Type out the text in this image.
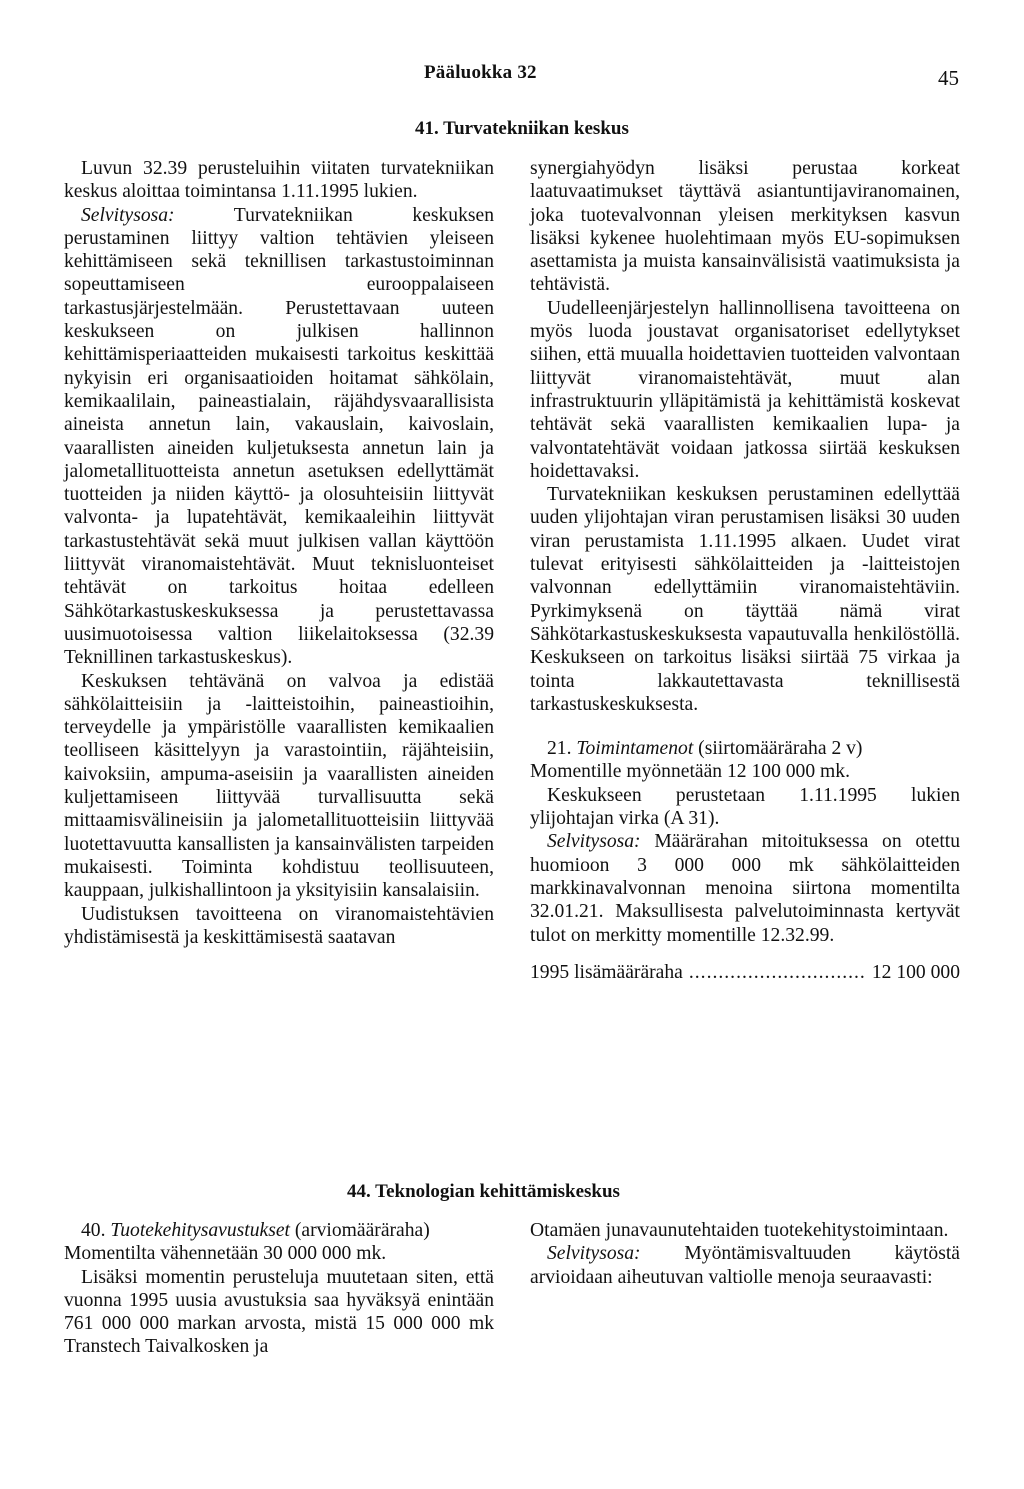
Pääluokka 32	45
41. Turvatekniikan keskus

Luvun 32.39 perusteluihin viitaten turvatekniikan keskus aloittaa toimintansa 1.11.1995 lukien.

Selvitysosa:	Turvatekniikan keskuksen perustaminen liittyy valtion tehtävien yleiseen kehittämiseen sekä teknillisen tarkastustoiminnan sopeuttamiseen eurooppalaiseen tarkastusjärjestelmään. Perustettavaan uuteen keskukseen on julkisen hallinnon kehittämisperiaatteiden mukaisesti tarkoitus keskittää nykyisin eri organisaatioiden hoitamat sähkölain, kemikaalilain, paineastialain, räjähdysvaarallisista aineista annetun lain, vakauslain, kaivoslain, vaarallisten aineiden kuljetuksesta annetun lain ja jalometallituotteista annetun asetuksen edellyttämät tuotteiden ja niiden käyttö- ja olosuhteisiin liittyvät valvonta- ja lupatehtävät, kemikaaleihin liittyvät tarkastustehtävät sekä muut julkisen vallan käyttöön liittyvät viranomaistehtävät. Muut teknisluonteiset tehtävät on tarkoitus hoitaa edelleen Sähkötarkastuskeskuksessa ja perustettavassa uusimuotoisessa valtion liikelaitoksessa (32.39 Teknillinen tarkastuskeskus).

Keskuksen tehtävänä on valvoa ja edistää sähkölaitteisiin ja -laitteistoihin, paineastioihin, terveydelle ja ympäristölle vaarallisten kemikaalien teolliseen käsittelyyn ja varastointiin, räjähteisiin, kaivoksiin, ampuma-aseisiin ja vaarallisten aineiden kuljettamiseen liittyvää turvallisuutta sekä mittaamisvälineisiin ja jalometallituotteisiin liittyvää luotettavuutta kansallisten ja kansainvälisten tarpeiden mukaisesti. Toiminta kohdistuu teollisuuteen, kauppaan, julkishallintoon ja yksityisiin kansalaisiin.

Uudistuksen tavoitteena on viranomaistehtävien yhdistämisestä ja keskittämisestä saatavan

synergiahyödyn lisäksi perustaa korkeat laatuvaatimukset täyttävä asiantuntijaviranomainen, joka tuotevalvonnan yleisen merkityksen kasvun lisäksi kykenee huolehtimaan myös EU-sopimuksen asettamista ja muista kansainvälisistä vaatimuksista ja tehtävistä.

Uudelleenjärjestelyn hallinnollisena tavoitteena on myös luoda joustavat organisatoriset edellytykset siihen, että muualla hoidettavien tuotteiden valvontaan liittyvät viranomaistehtävät, muut alan infrastruktuurin ylläpitämistä ja kehittämistä koskevat tehtävät sekä vaarallisten kemikaalien lupa- ja valvontatehtävät voidaan jatkossa siirtää keskuksen hoidettavaksi.

Turvatekniikan keskuksen perustaminen edellyttää uuden ylijohtajan viran perustamisen lisäksi 30 uuden viran perustamista 1.11.1995 alkaen. Uudet virat tulevat erityisesti sähkölaitteiden ja -laitteistojen valvonnan edellyttämiin viranomaistehtäviin. Pyrkimyksenä on täyttää nämä virat Sähkötarkastuskeskuksesta vapautuvalla henkilöstöllä. Keskukseen on tarkoitus lisäksi siirtää 75 virkaa ja tointa lakkautettavasta teknillisestä tarkastuskeskuksesta.

21. Toimintamenot (siirtomääräraha 2 v)

Momentille myönnetään 12 100 000 mk.

Keskukseen perustetaan 1.11.1995 lukien ylijohtajan virka (A 31).

Selvitysosa: Määrärahan mitoituksessa on otettu huomioon 3 000 000 mk sähkölaitteiden markkinavalvonnan menoina siirtona momentilta 32.01.21. Maksullisesta palvelutoiminnasta kertyvät tulot on merkitty momentille 12.32.99.

1995 lisämääräraha
.....	12 100 000

44. Teknologian kehittämiskeskus

40. Tuotekehitysavustukset (arviomääräraha)

Momentilta vähennetään 30 000 000 mk.

Lisäksi momentin perusteluja muutetaan siten, että vuonna 1995 uusia avustuksia saa hyväksyä enintään 761 000 000 markan arvosta, mistä 15 000 000 mk Transtech Taivalkosken ja

Otamäen junavaunutehtaiden tuotekehitystoimintaan.

Selvitysosa: Myöntämisvaltuuden käytöstä arvioidaan aiheutuvan valtiolle menoja seuraavasti:
